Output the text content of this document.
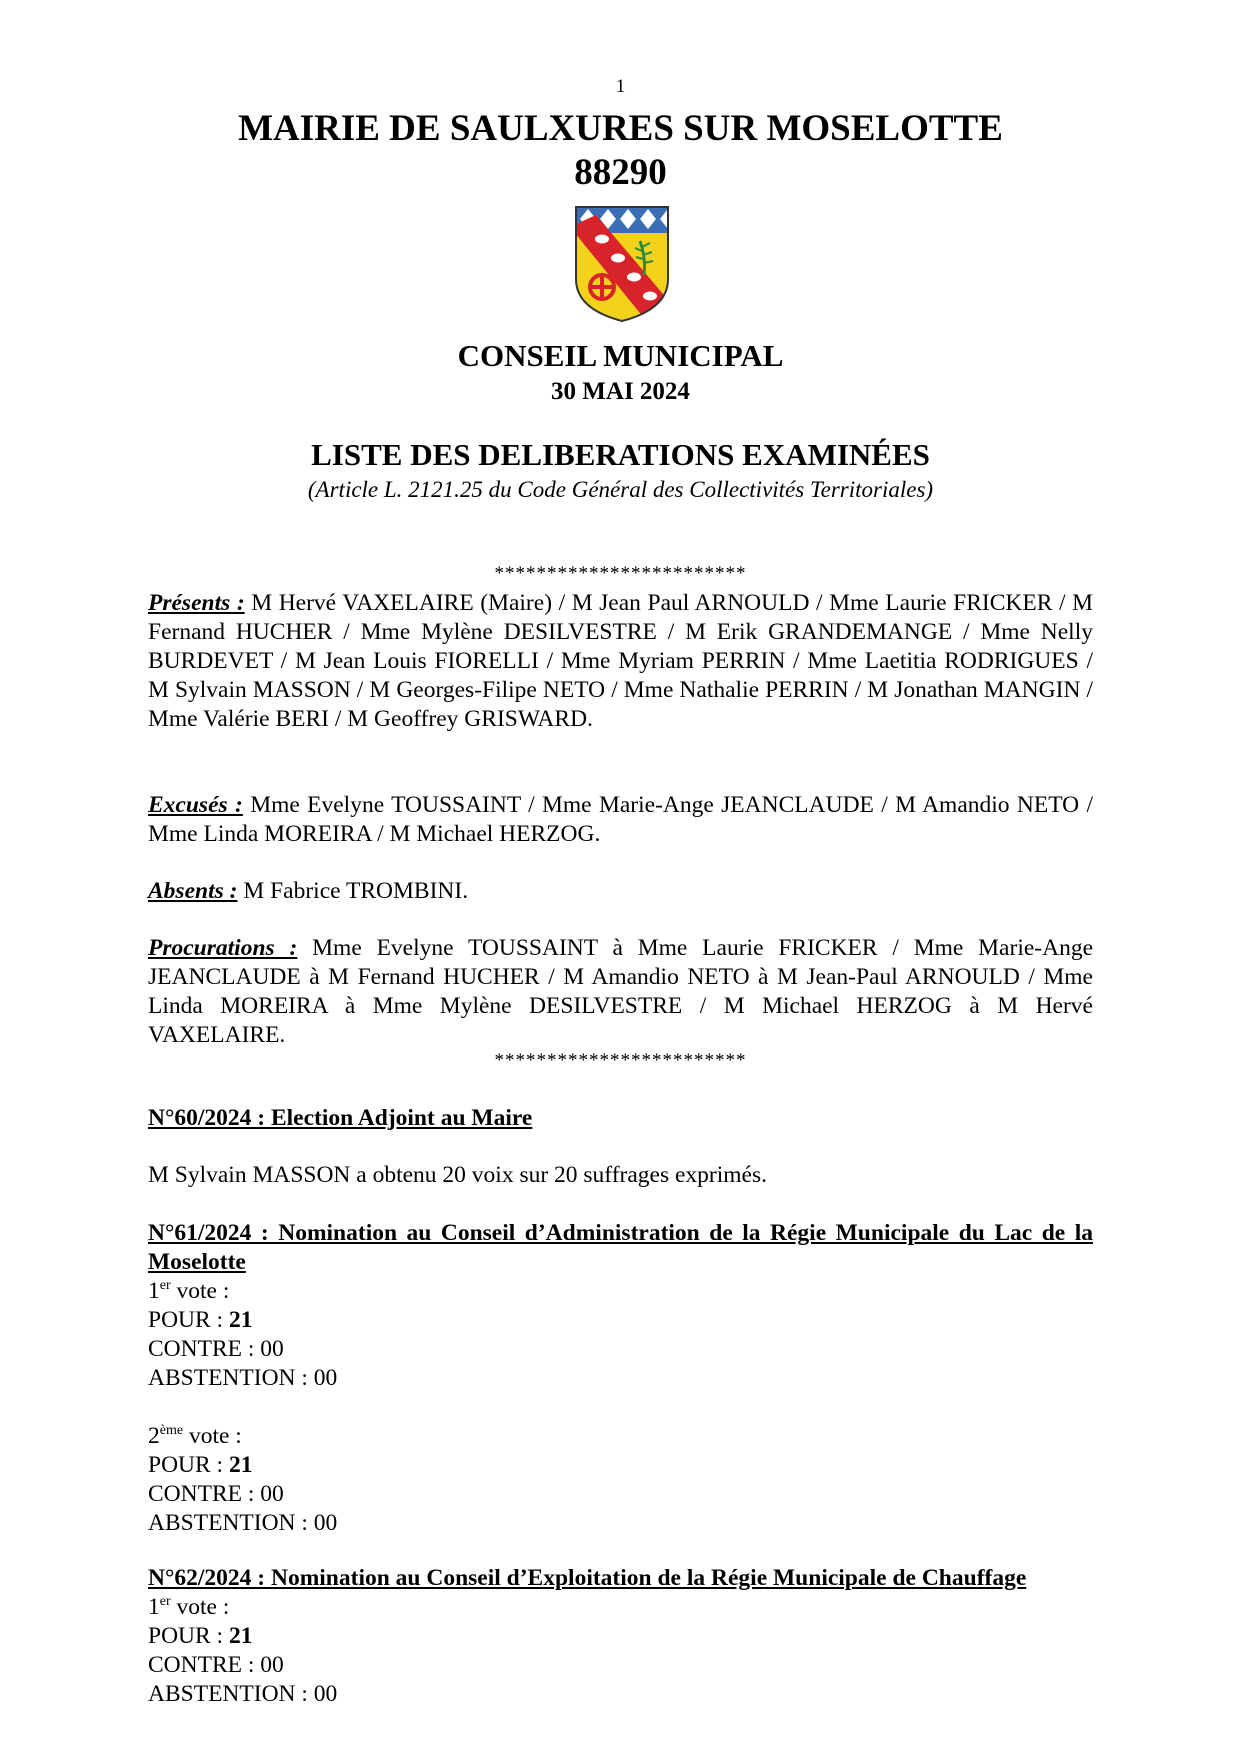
1
MAIRIE DE SAULXURES SUR MOSELOTTE
88290
CONSEIL MUNICIPAL
30 MAI 2024
LISTE DES DELIBERATIONS EXAMINÉES
(Article L. 2121.25 du Code Général des Collectivités Territoriales)
************************
Présents : M Hervé VAXELAIRE (Maire) / M Jean Paul ARNOULD / Mme Laurie FRICKER / M Fernand HUCHER / Mme Mylène DESILVESTRE / M Erik GRANDEMANGE / Mme Nelly BURDEVET / M Jean Louis FIORELLI / Mme Myriam PERRIN / Mme Laetitia RODRIGUES / M Sylvain MASSON / M Georges-Filipe NETO / Mme Nathalie PERRIN / M Jonathan MANGIN / Mme Valérie BERI / M Geoffrey GRISWARD.
Excusés : Mme Evelyne TOUSSAINT / Mme Marie-Ange JEANCLAUDE / M Amandio NETO / Mme Linda MOREIRA / M Michael HERZOG.
Absents : M Fabrice TROMBINI.
Procurations : Mme Evelyne TOUSSAINT à Mme Laurie FRICKER / Mme Marie-Ange JEANCLAUDE à M Fernand HUCHER / M Amandio NETO à M Jean-Paul ARNOULD / Mme Linda MOREIRA à Mme Mylène DESILVESTRE / M Michael HERZOG à M Hervé VAXELAIRE.
************************
N°60/2024 : Election Adjoint au Maire
M Sylvain MASSON a obtenu 20 voix sur 20 suffrages exprimés.
N°61/2024 : Nomination au Conseil d’Administration de la Régie Municipale du Lac de la Moselotte
1er vote :
POUR : 21
CONTRE : 00
ABSTENTION : 00
2ème vote :
POUR : 21
CONTRE : 00
ABSTENTION : 00
N°62/2024 : Nomination au Conseil d’Exploitation de la Régie Municipale de Chauffage
1er vote :
POUR : 21
CONTRE : 00
ABSTENTION : 00
